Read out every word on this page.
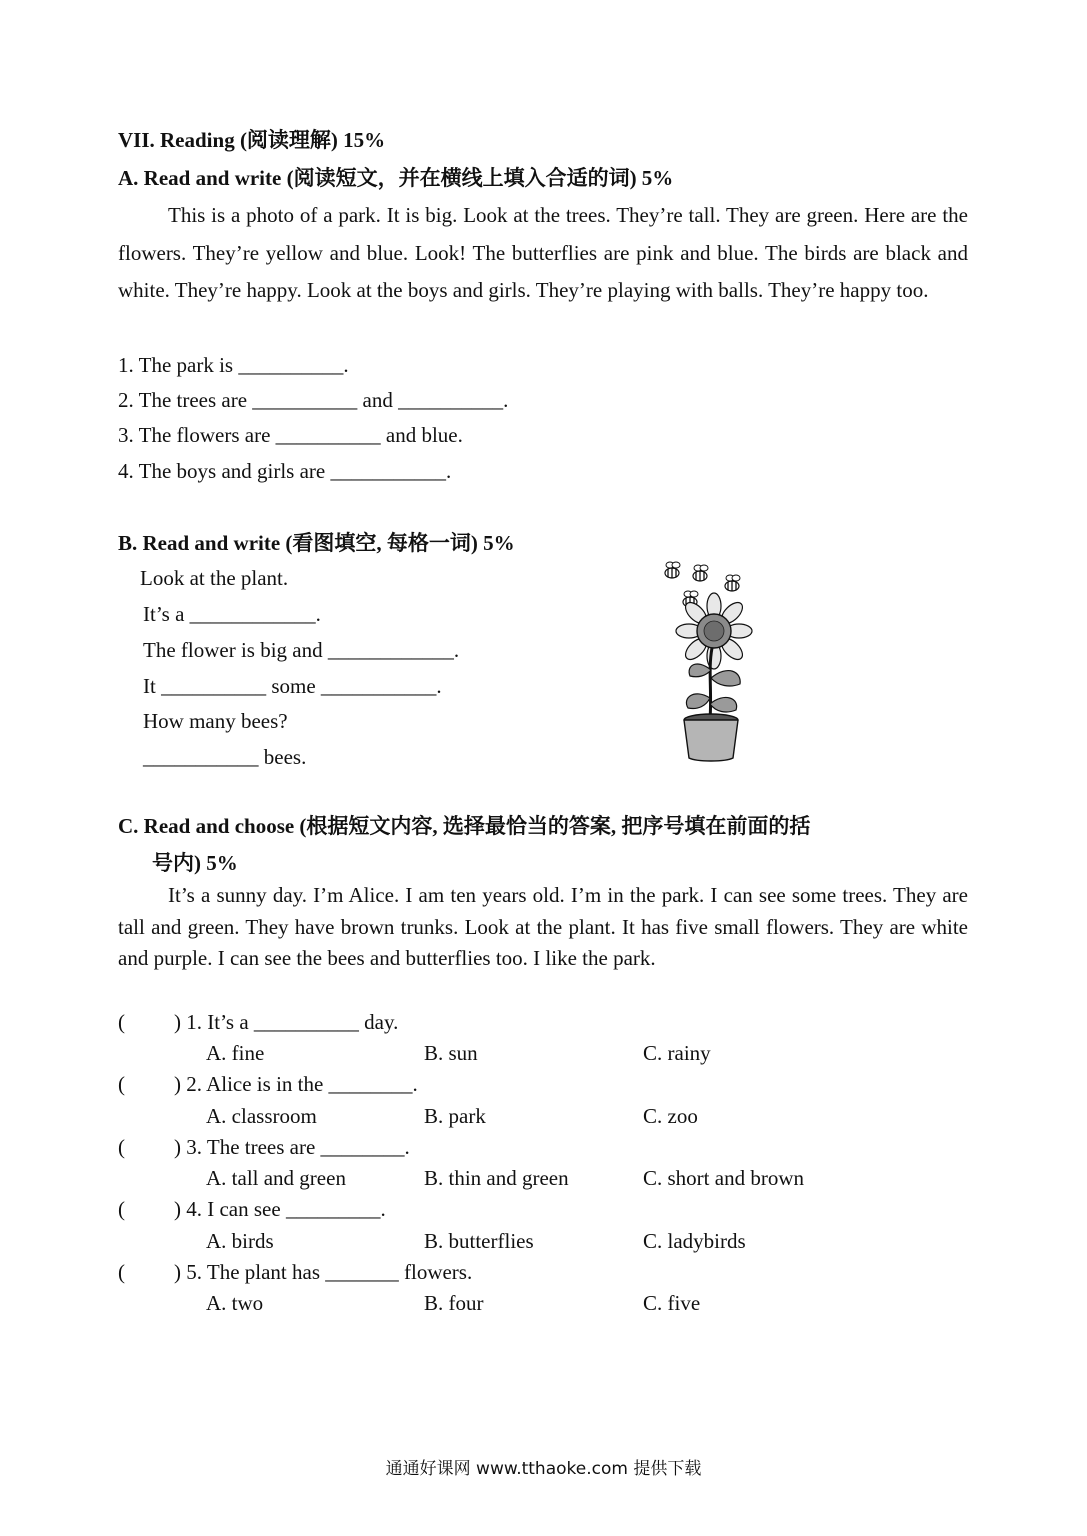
VII. Reading (阅读理解) 15%
A. Read and write (阅读短文，并在横线上填入合适的词) 5%
This is a photo of a park. It is big. Look at the trees. They’re tall. They are green. Here are the flowers. They’re yellow and blue. Look! The butterflies are pink and blue. The birds are black and white. They’re happy. Look at the boys and girls. They’re playing with balls. They’re happy too.
1. The park is __________.
2. The trees are __________ and __________.
3. The flowers are __________ and blue.
4. The boys and girls are ___________.
B. Read and write (看图填空, 每格一词) 5%
Look at the plant.
It’s a ____________.
The flower is big and ____________.
It __________ some ___________.
How many bees?
___________ bees.
C. Read and choose (根据短文内容, 选择最恰当的答案, 把序号填在前面的括
号内) 5%
It’s a sunny day. I’m Alice. I am ten years old. I’m in the park. I can see some trees. They are tall and green. They have brown trunks. Look at the plant. It has five small flowers. They are white and purple. I can see the bees and butterflies too. I like the park.
( ) 1. It’s a __________ day.
A. fine	B. sun	C. rainy
( ) 2. Alice is in the ________.
A. classroom	B. park	C. zoo
( ) 3. The trees are ________.
A. tall and green	B. thin and green	C. short and brown
( ) 4. I can see _________.
A. birds	B. butterflies	C. ladybirds
( ) 5. The plant has _______ flowers.
A. two	B. four	C. five
通通好课网 www.tthaoke.com 提供下载
